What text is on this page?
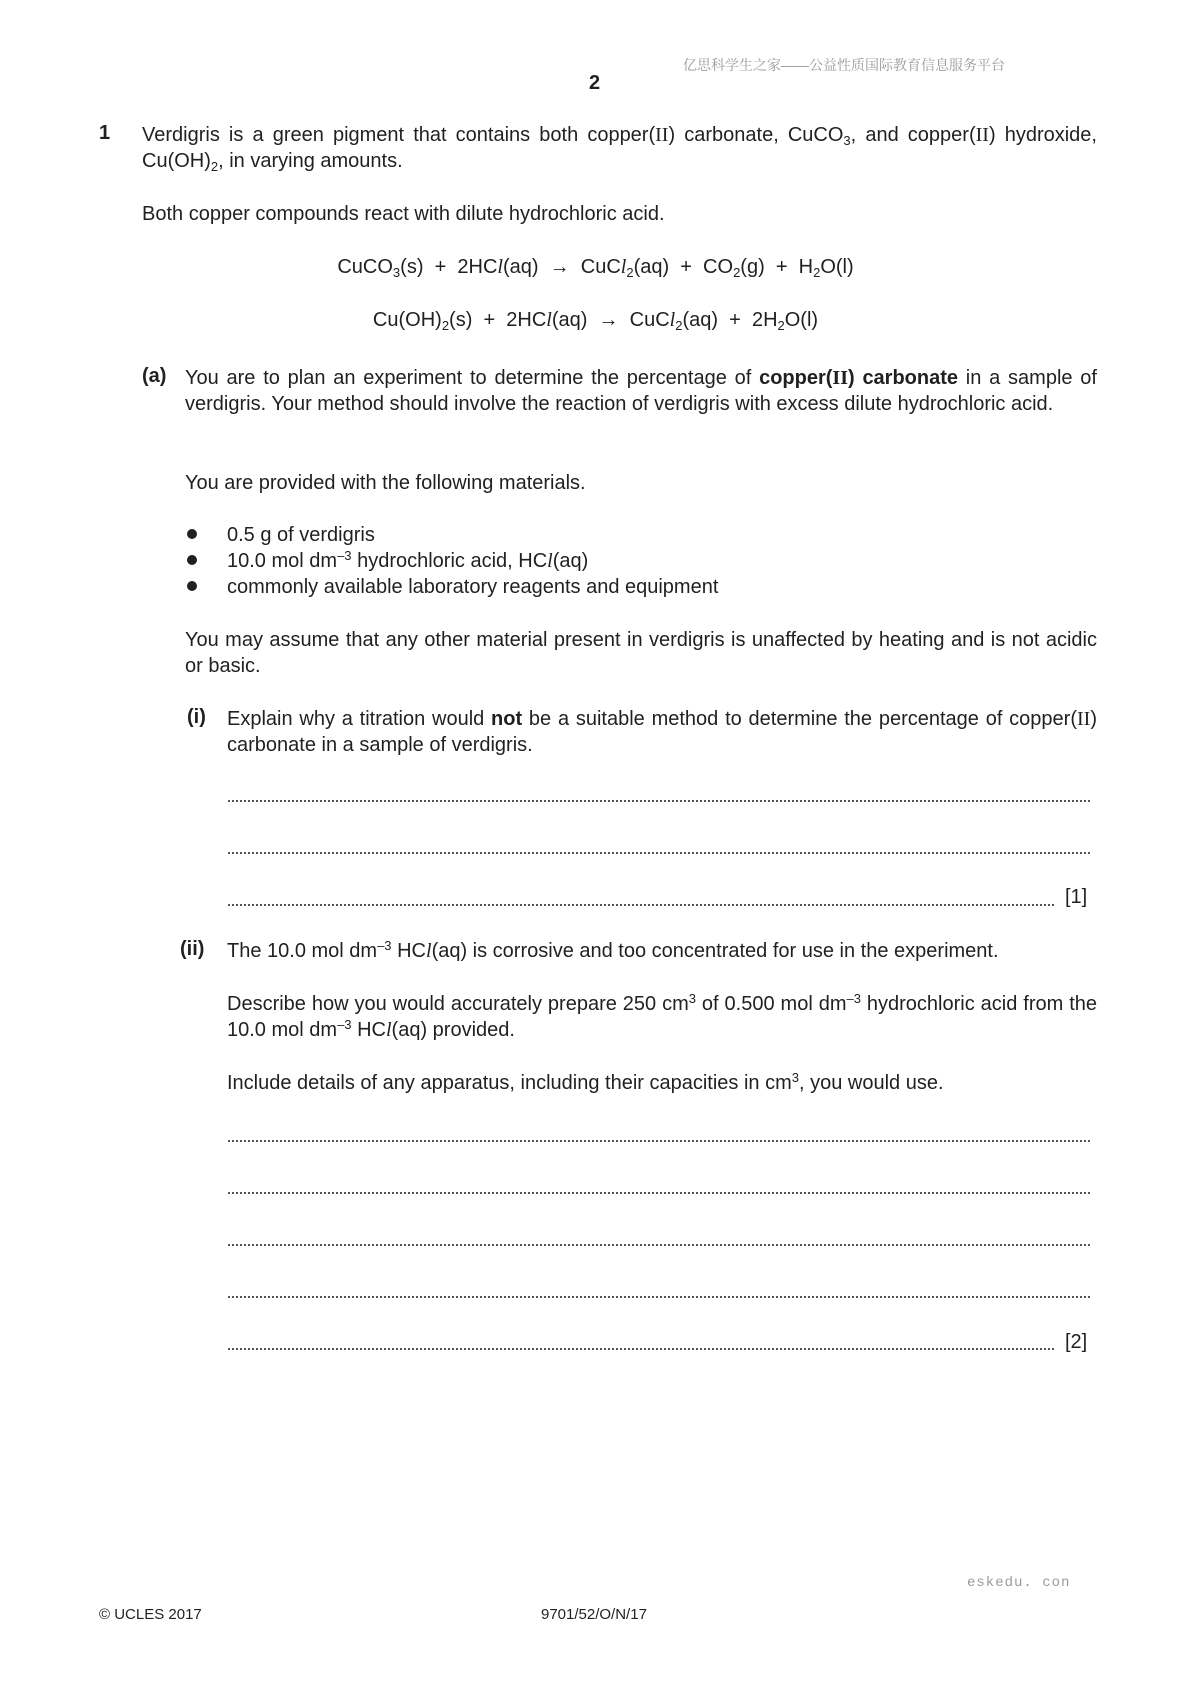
亿思科学生之家——公益性质国际教育信息服务平台
2
1 Verdigris is a green pigment that contains both copper(II) carbonate, CuCO$_3$, and copper(II) hydroxide, $Cu(OH)_2$, in varying amounts.
Both copper compounds react with dilute hydrochloric acid.
CuCO$_3$(s)  +  2HCl(aq)  →  CuCl$_2$(aq)  +  $CO_2(g) + H_2O(l)$
$Cu(OH)_2(s) + 2HCl(aq)$  →  CuCl$_2$(aq)  +  $2H_2O(l)$
(a) You are to plan an experiment to determine the percentage of copper(II) carbonate in a sample of verdigris. Your method should involve the reaction of verdigris with excess dilute hydrochloric acid.
You are provided with the following materials.
0.5 g of verdigris
10.0 mol $dm^{-3}$ hydrochloric acid, HCl(aq)
commonly available laboratory reagents and equipment
You may assume that any other material present in verdigris is unaffected by heating and is not acidic or basic.
(i) Explain why a titration would not be a suitable method to determine the percentage of copper(II) carbonate in a sample of verdigris.
[1]
(ii) The 10.0 mol $dm^{-3}$ HCl(aq) is corrosive and too concentrated for use in the experiment.
Describe how you would accurately prepare 250 $cm^3$ of 0.500 mol $dm^{-3}$ hydrochloric acid from the 10.0 mol $dm^{-3}$ HCl(aq) provided.
Include details of any apparatus, including their capacities in $cm^3$, you would use.
[2]
eskedu. con
© UCLES 2017	9701/52/O/N/17
